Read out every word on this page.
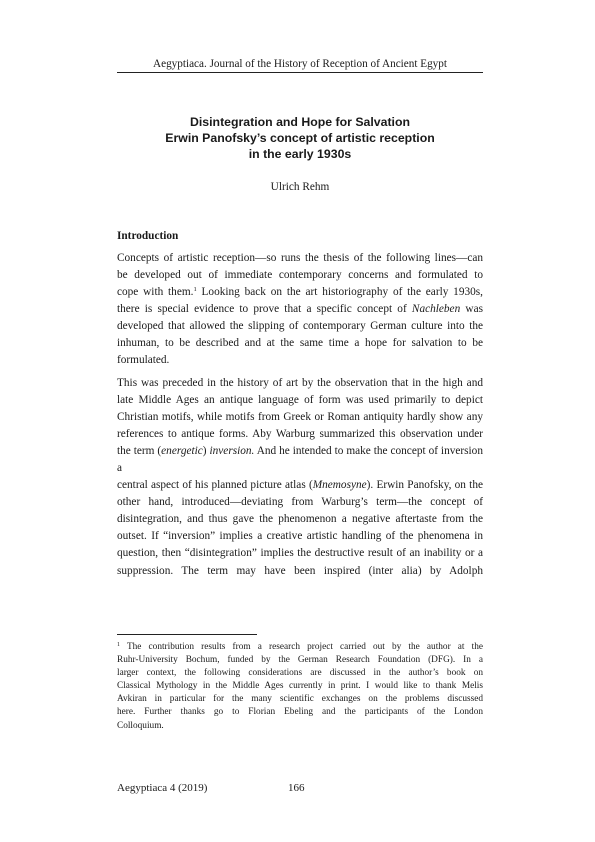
Aegyptiaca. Journal of the History of Reception of Ancient Egypt
Disintegration and Hope for Salvation
Erwin Panofsky’s concept of artistic reception
in the early 1930s
Ulrich Rehm
Introduction
Concepts of artistic reception—so runs the thesis of the following lines—can
be developed out of immediate contemporary concerns and formulated to
cope with them.$^1$ Looking back on the art historiography of the early 1930s,
there is special evidence to prove that a specific concept of Nachleben was
developed that allowed the slipping of contemporary German culture into the
inhuman, to be described and at the same time a hope for salvation to be
formulated.
This was preceded in the history of art by the observation that in the high and
late Middle Ages an antique language of form was used primarily to depict
Christian motifs, while motifs from Greek or Roman antiquity hardly show any
references to antique forms. Aby Warburg summarized this observation under
the term (energetic) inversion. And he intended to make the concept of inversion a
central aspect of his planned picture atlas (Mnemosyne). Erwin Panofsky, on the
other hand, introduced—deviating from Warburg’s term—the concept of
disintegration, and thus gave the phenomenon a negative aftertaste from the
outset. If “inversion” implies a creative artistic handling of the phenomena in
question, then “disintegration” implies the destructive result of an inability or a
suppression. The term may have been inspired (inter alia) by Adolph
$^1$ The contribution results from a research project carried out by the author at the
Ruhr-University Bochum, funded by the German Research Foundation (DFG). In a
larger context, the following considerations are discussed in the author’s book on
Classical Mythology in the Middle Ages currently in print. I would like to thank Melis
Avkiran in particular for the many scientific exchanges on the problems discussed
here. Further thanks go to Florian Ebeling and the participants of the London
Colloquium.
Aegyptiaca 4 (2019)	166
